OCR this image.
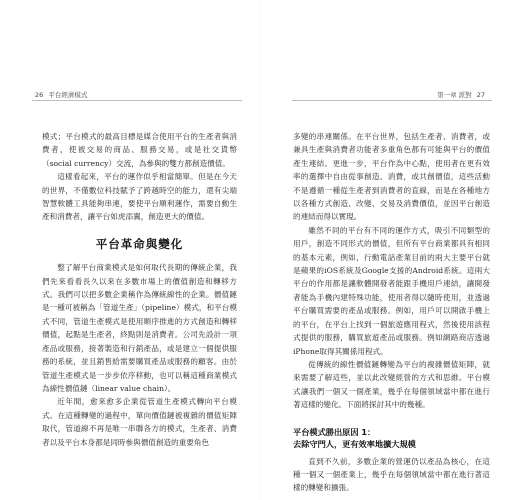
26 平台經濟模式	第一章 派對 27

模式；平台模式的最高目標是媒合使用平台的生產者與消費者，使被交易的商品、服務交易，或是社交貨幣（social currency）交流，為參與的雙方都創造價值。

這樣看起來，平台的運作似乎相當簡單。但是在今天的世界，不僅數位科技賦予了跨越時空的能力，還有尖端智慧軟體工具能夠串連，要使平台順利運作，需要自動生產和消費者，讓平台如虎添翼，創造更大的價值。

平台革命與變化

整了解平台商業模式是如何取代長期的傳統企業，我們先來看看長久以來在多數市場上的價值創造和轉移方式。我們可以把多數企業稱作為傳統線性的企業。價值鏈是一種可被稱為「管道生產」（pipeline）模式，和平台模式不同，管道生產模式是使用順序推進的方式創造和轉移價值，起點是生產者，終點則是消費者。公司先設計一項產品或服務，接著製造和行銷產品，或是建立一個提供服務的系統，並且銷售給需要購買產品或服務的顧客。由於管道生產模式是一步步依序移動，也可以稱這種商業模式為線性價值鏈（linear value chain）。

近年間，愈來愈多企業從管道生產模式轉向平台模式。在這種轉變的過程中，單向價值鏈被複雜的價值矩陣取代，管道線不再是唯一串聯各方的模式，生產者、消費者以及平台本身都是同時參與價值創造的重要角色

多變的串連關係。在平台世界，包括生產者、消費者，或兼具生產與消費者功能者多重角色都有可能與平台的價值產生連結。更進一步，平台作為中心點，使用者在更有效率的選擇中自由從事創造、消費，或共創價值，這些活動不是遵循一種從生產者到消費者的直線，而是在各種地方以各種方式創造、改變、交易及消費價值，並因平台創造的連結而得以實現。

雖然不同的平台有不同的運作方式，吸引不同類型的用戶，創造不同形式的價值，但所有平台商業都具有相同的基本元素，例如，行動電話產業目前的兩大主要平台就是蘋果的iOS系統及Google支援的Android系統。這兩大平台的作用都是讓軟體開發者能跟手機用戶連結，讓開發者能為手機內建特殊功能，使用者得以隨時使用，並透過平台購買需要的產品或服務。例如，用戶可以開啟手機上的平台，在平台上找到一個旅遊應用程式，然後使用該程式提供的服務，購買旅遊產品或服務。例如網路商店透過iPhone取得其關係用程式。

從傳統的線性價值鏈轉變為平台的複雜價值矩陣，就來需要了解這些，並以此改變經營的方式和思維。平台模式讓我們一個又一個產業，幾乎在每個領域當中都在進行著這樣的變化。下面將探討其中的幾種。

平台模式勝出原因 1：
去除守門人，更有效率地擴大規模

直到不久前，多數企業的營運仍以產品為核心，在這種一個又一個產業上，幾乎在每個領域當中都在進行著這樣的轉變和擴張。
